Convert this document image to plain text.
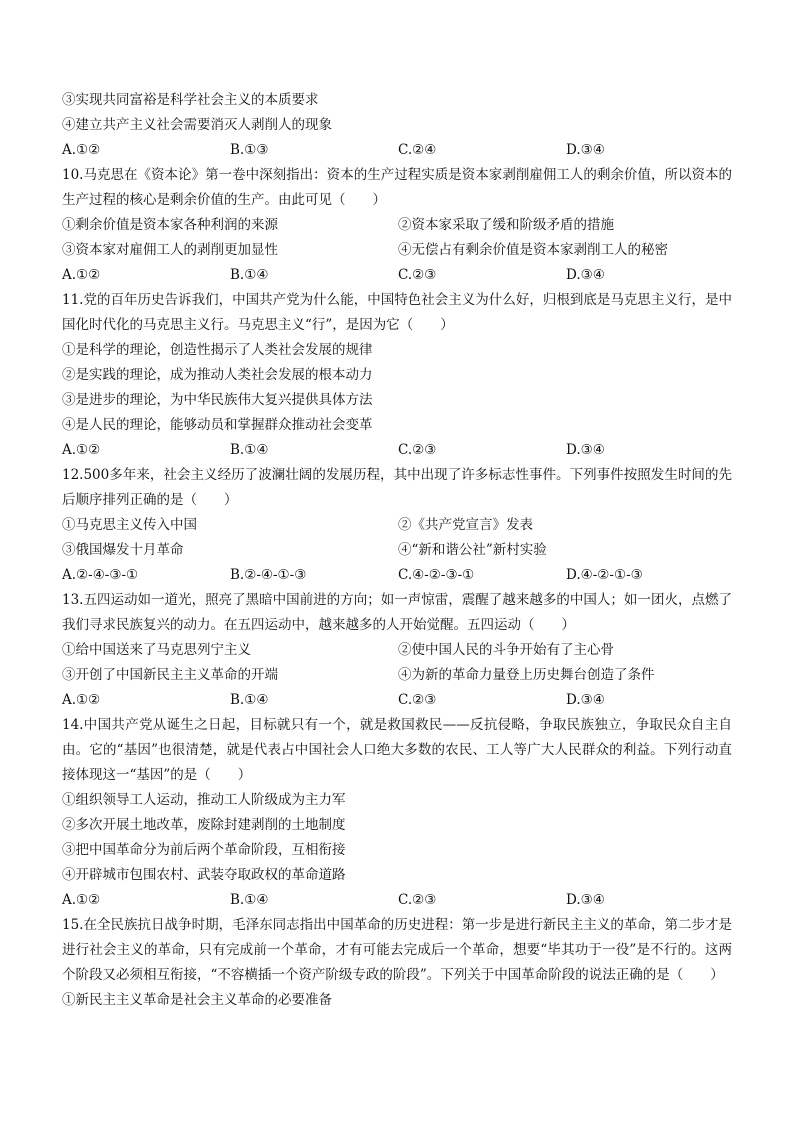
③实现共同富裕是科学社会主义的本质要求
④建立共产主义社会需要消灭人剥削人的现象
A.①②	B.①③	C.②④	D.③④
10.马克思在《资本论》第一卷中深刻指出：资本的生产过程实质是资本家剥削雇佣工人的剩余价值，所以资本的生产过程的核心是剩余价值的生产。由此可见（　　）
①剩余价值是资本家各种利润的来源	②资本家采取了缓和阶级矛盾的措施
③资本家对雇佣工人的剥削更加显性	④无偿占有剩余价值是资本家剥削工人的秘密
A.①②	B.①④	C.②③	D.③④
11.党的百年历史告诉我们，中国共产党为什么能，中国特色社会主义为什么好，归根到底是马克思主义行，是中国化时代化的马克思主义行。马克思主义“行”，是因为它（　　）
①是科学的理论，创造性揭示了人类社会发展的规律
②是实践的理论，成为推动人类社会发展的根本动力
③是进步的理论，为中华民族伟大复兴提供具体方法
④是人民的理论，能够动员和掌握群众推动社会变革
A.①②	B.①④	C.②③	D.③④
12.500多年来，社会主义经历了波澜壮阔的发展历程，其中出现了许多标志性事件。下列事件按照发生时间的先后顺序排列正确的是（　　）
①马克思主义传入中国	②《共产党宣言》发表
③俄国爆发十月革命	④“新和谐公社”新村实验
A.②-④-③-①	B.②-④-①-③	C.④-②-③-①	D.④-②-①-③
13.五四运动如一道光，照亮了黑暗中国前进的方向；如一声惊雷，震醒了越来越多的中国人；如一团火，点燃了我们寻求民族复兴的动力。在五四运动中，越来越多的人开始觉醒。五四运动（　　）
①给中国送来了马克思列宁主义	②使中国人民的斗争开始有了主心骨
③开创了中国新民主主义革命的开端	④为新的革命力量登上历史舞台创造了条件
A.①②	B.①④	C.②③	D.③④
14.中国共产党从诞生之日起，目标就只有一个，就是救国救民——反抗侵略，争取民族独立，争取民众自主自由。它的“基因”也很清楚，就是代表占中国社会人口绝大多数的农民、工人等广大人民群众的利益。下列行动直接体现这一“基因”的是（　　）
①组织领导工人运动，推动工人阶级成为主力军
②多次开展土地改革，废除封建剥削的土地制度
③把中国革命分为前后两个革命阶段，互相衔接
④开辟城市包围农村、武装夺取政权的革命道路
A.①②	B.①④	C.②③	D.③④
15.在全民族抗日战争时期，毛泽东同志指出中国革命的历史进程：第一步是进行新民主主义的革命，第二步才是进行社会主义的革命，只有完成前一个革命，才有可能去完成后一个革命，想要“毕其功于一役”是不行的。这两个阶段又必须相互衔接，“不容横插一个资产阶级专政的阶段”。下列关于中国革命阶段的说法正确的是（　　）
①新民主主义革命是社会主义革命的必要准备
